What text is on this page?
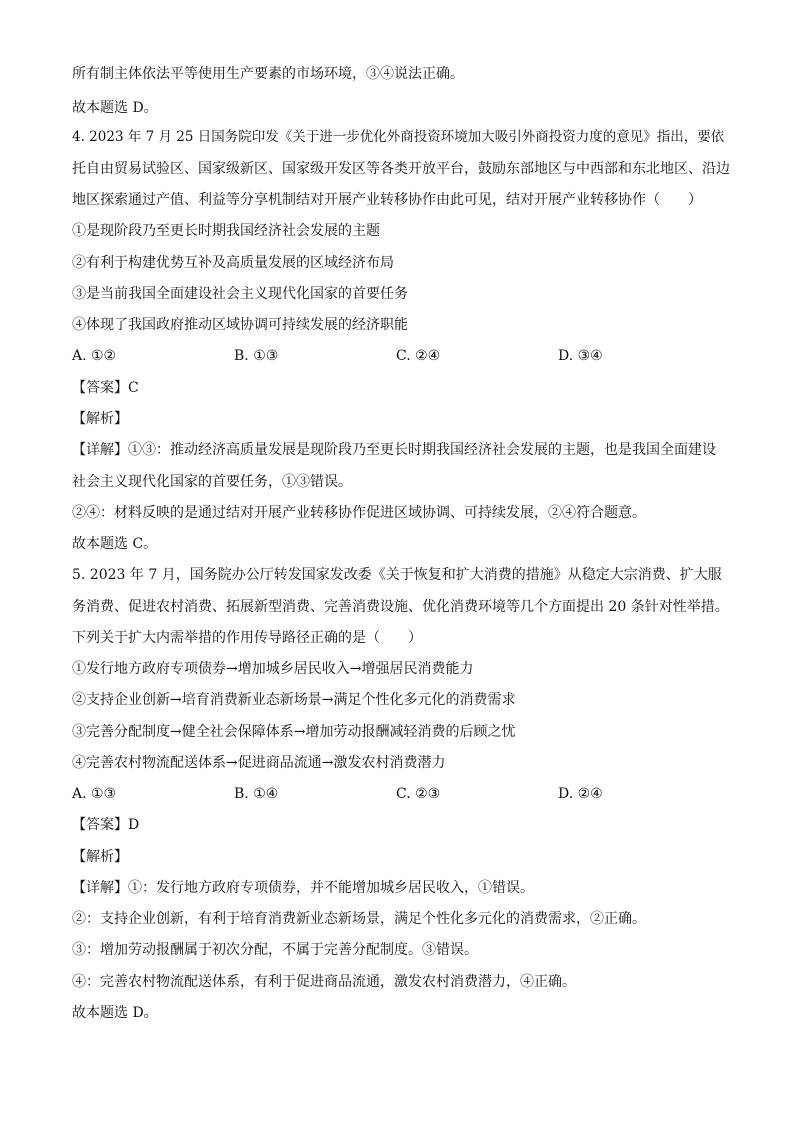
所有制主体依法平等使用生产要素的市场环境，③④说法正确。
故本题选 D。
4. 2023 年 7 月 25 日国务院印发《关于进一步优化外商投资环境加大吸引外商投资力度的意见》指出，要依
托自由贸易试验区、国家级新区、国家级开发区等各类开放平台，鼓励东部地区与中西部和东北地区、沿边
地区探索通过产值、利益等分享机制结对开展产业转移协作由此可见，结对开展产业转移协作（　　）
①是现阶段乃至更长时期我国经济社会发展的主题
②有利于构建优势互补及高质量发展的区域经济布局
③是当前我国全面建设社会主义现代化国家的首要任务
④体现了我国政府推动区域协调可持续发展的经济职能
A. ①②	B. ①③	C. ②④	D. ③④
【答案】C
【解析】
【详解】①③：推动经济高质量发展是现阶段乃至更长时期我国经济社会发展的主题，也是我国全面建设
社会主义现代化国家的首要任务，①③错误。
②④：材料反映的是通过结对开展产业转移协作促进区域协调、可持续发展，②④符合题意。
故本题选 C。
5. 2023 年 7 月，国务院办公厅转发国家发改委《关于恢复和扩大消费的措施》从稳定大宗消费、扩大服
务消费、促进农村消费、拓展新型消费、完善消费设施、优化消费环境等几个方面提出 20 条针对性举措。
下列关于扩大内需举措的作用传导路径正确的是（　　）
①发行地方政府专项债券→增加城乡居民收入→增强居民消费能力
②支持企业创新→培育消费新业态新场景→满足个性化多元化的消费需求
③完善分配制度→健全社会保障体系→增加劳动报酬减轻消费的后顾之忧
④完善农村物流配送体系→促进商品流通→激发农村消费潜力
A. ①③	B. ①④	C. ②③	D. ②④
【答案】D
【解析】
【详解】①：发行地方政府专项债券，并不能增加城乡居民收入，①错误。
②：支持企业创新，有利于培育消费新业态新场景，满足个性化多元化的消费需求，②正确。
③：增加劳动报酬属于初次分配，不属于完善分配制度。③错误。
④：完善农村物流配送体系，有利于促进商品流通，激发农村消费潜力，④正确。
故本题选 D。
